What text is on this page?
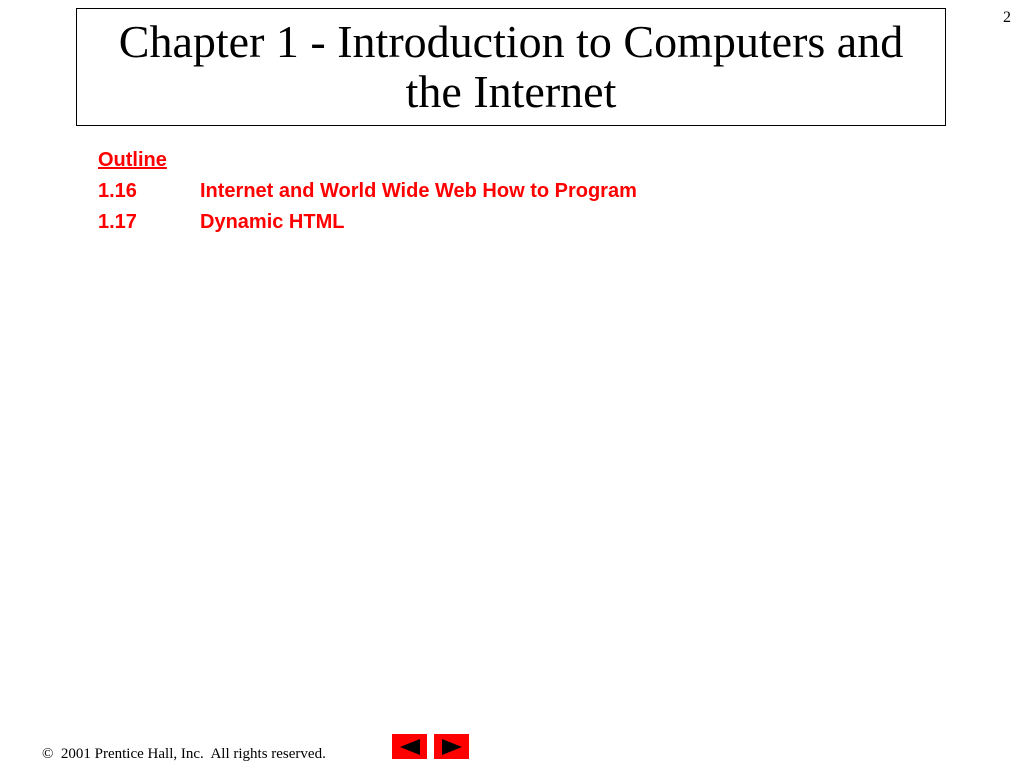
2
Chapter 1 - Introduction to Computers and the Internet
Outline
1.16	Internet and World Wide Web How to Program
1.17	Dynamic HTML
©  2001 Prentice Hall, Inc.  All rights reserved.
